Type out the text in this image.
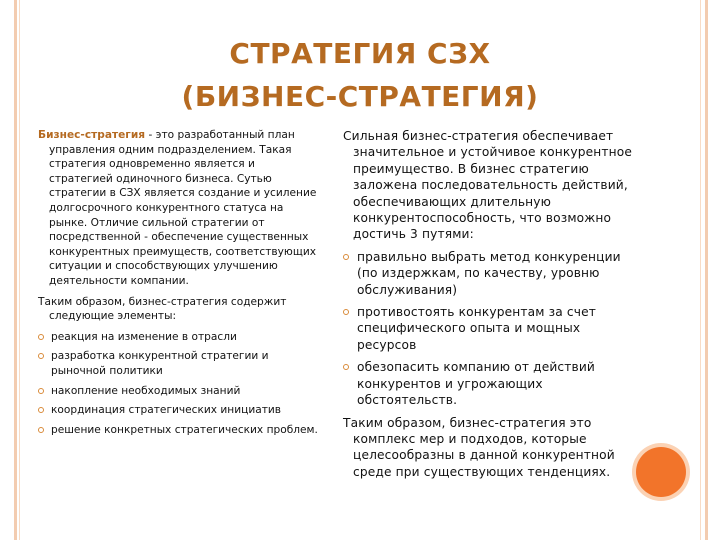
СТРАТЕГИЯ СЗХ
(БИЗНЕС-СТРАТЕГИЯ)

Бизнес-стратегия - это разработанный план управления одним подразделением. Такая стратегия одновременно является и стратегией одиночного бизнеса. Сутью стратегии в СЗХ является создание и усиление долгосрочного конкурентного статуса на рынке. Отличие сильной стратегии от посредственной - обеспечение существенных конкурентных преимуществ, соответствующих ситуации и способствующих улучшению деятельности компании.

Таким образом, бизнес-стратегия содержит следующие элементы:

реакция на изменение в отрасли
разработка конкурентной стратегии и рыночной политики
накопление необходимых знаний
координация стратегических инициатив
решение конкретных стратегических проблем.

Сильная бизнес-стратегия обеспечивает значительное и устойчивое конкурентное преимущество. В бизнес стратегию заложена последовательность действий, обеспечивающих длительную конкурентоспособность, что возможно достичь 3 путями:

правильно выбрать метод конкуренции (по издержкам, по качеству, уровню обслуживания)
противостоять конкурентам за счет специфического опыта и мощных ресурсов
обезопасить компанию от действий конкурентов и угрожающих обстоятельств.

Таким образом, бизнес-стратегия это комплекс мер и подходов, которые целесообразны в данной конкурентной среде при существующих тенденциях.
